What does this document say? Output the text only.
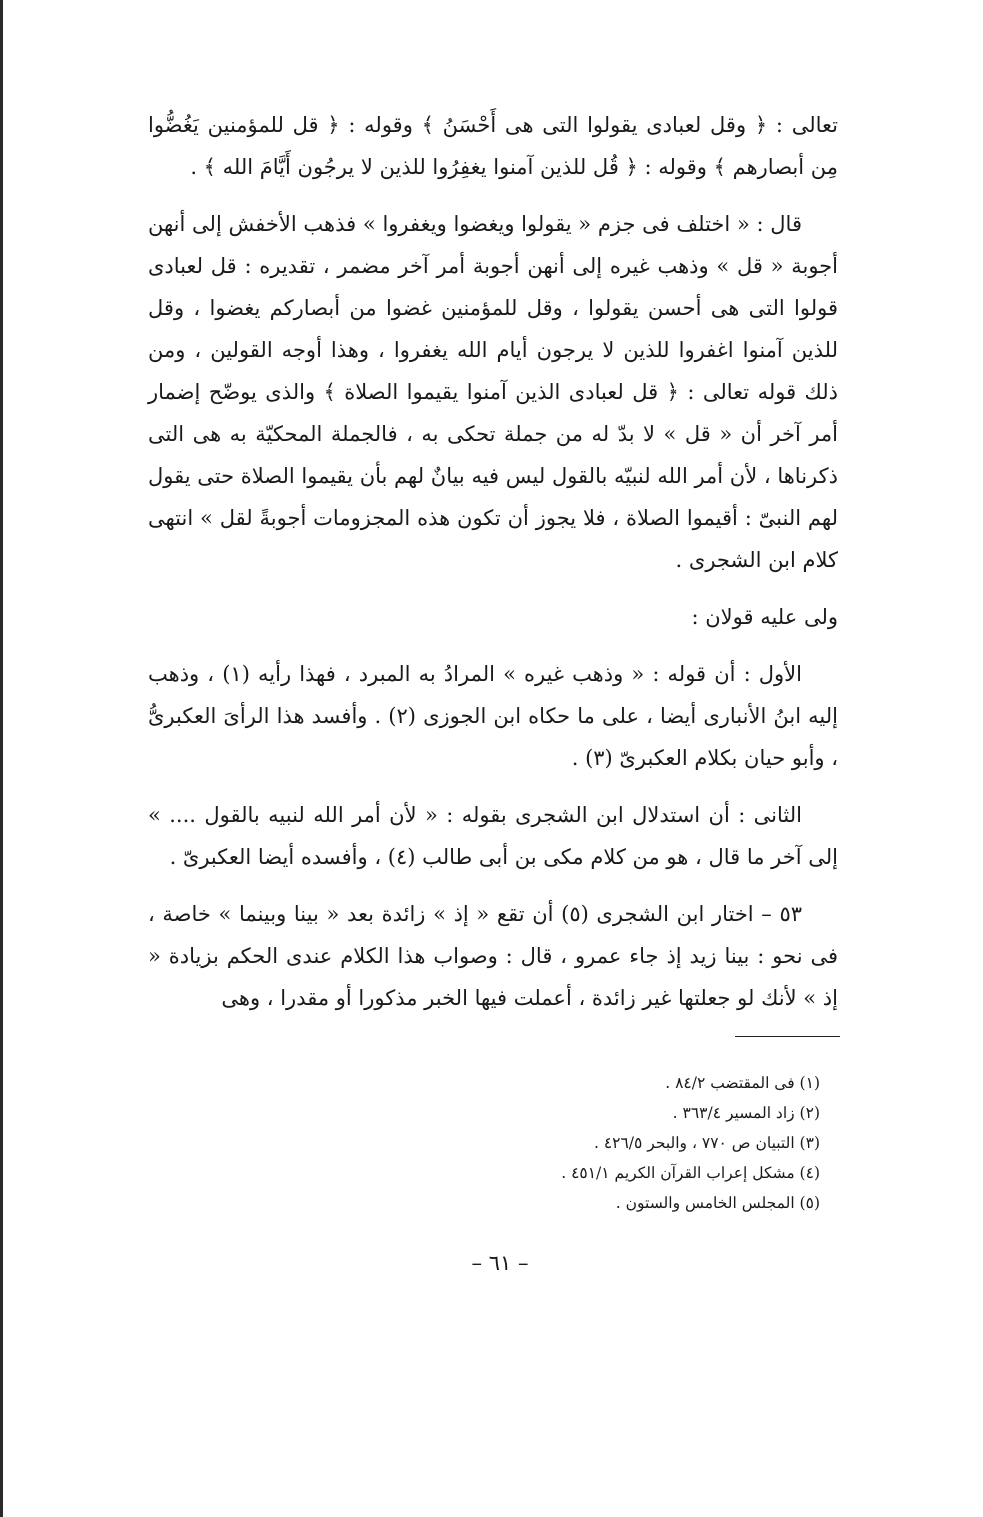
تعالى : ﴿ وقل لعبادى يقولوا التى هى أَحْسَنُ ﴾ وقوله : ﴿ قل للمؤمنين يَغُضُّوا مِن أبصارهم ﴾ وقوله : ﴿ قُل للذين آمنوا يغفِرُوا للذين لا يرجُون أَيَّامَ الله ﴾ .

قال : « اختلف فى جزم « يقولوا ويغضوا ويغفروا » فذهب الأخفش إلى أنهن أجوبة « قل » وذهب غيره إلى أنهن أجوبة أمر آخر مضمر ، تقديره : قل لعبادى قولوا التى هى أحسن يقولوا ، وقل للمؤمنين غضوا من أبصاركم يغضوا ، وقل للذين آمنوا اغفروا للذين لا يرجون أيام الله يغفروا ، وهذا أوجه القولين ، ومن ذلك قوله تعالى : ﴿ قل لعبادى الذين آمنوا يقيموا الصلاة ﴾ والذى يوضّح إضمار أمر آخر أن « قل » لا بدّ له من جملة تحكى به ، فالجملة المحكيّة به هى التى ذكرناها ، لأن أمر الله لنبيّه بالقول ليس فيه بيانٌ لهم بأن يقيموا الصلاة حتى يقول لهم النبىّ : أقيموا الصلاة ، فلا يجوز أن تكون هذه المجزومات أجوبةً لقل » انتهى كلام ابن الشجرى .

ولى عليه قولان :

الأول : أن قوله : « وذهب غيره » المرادُ به المبرد ، فهذا رأيه (١) ، وذهب إليه ابنُ الأنبارى أيضا ، على ما حكاه ابن الجوزى (٢) . وأفسد هذا الرأىَ العكبرىُّ ، وأبو حيان بكلام العكبرىّ (٣) .

الثانى : أن استدلال ابن الشجرى بقوله : « لأن أمر الله لنبيه بالقول .... » إلى آخر ما قال ، هو من كلام مكى بن أبى طالب (٤) ، وأفسده أيضا العكبرىّ .

٥٣ – اختار ابن الشجرى (٥) أن تقع « إذ » زائدة بعد « بينا وبينما » خاصة ، فى نحو : بينا زيد إذ جاء عمرو ، قال : وصواب هذا الكلام عندى الحكم بزيادة « إذ » لأنك لو جعلتها غير زائدة ، أعملت فيها الخبر مذكورا أو مقدرا ، وهى

(١) فى المقتضب ٨٤/٢ .

(٢) زاد المسير ٣٦٣/٤ .

(٣) التبيان ص ٧٧٠ ، والبحر ٤٢٦/٥ .

(٤) مشكل إعراب القرآن الكريم ٤٥١/١ .

(٥) المجلس الخامس والستون .

– ٦١ –
